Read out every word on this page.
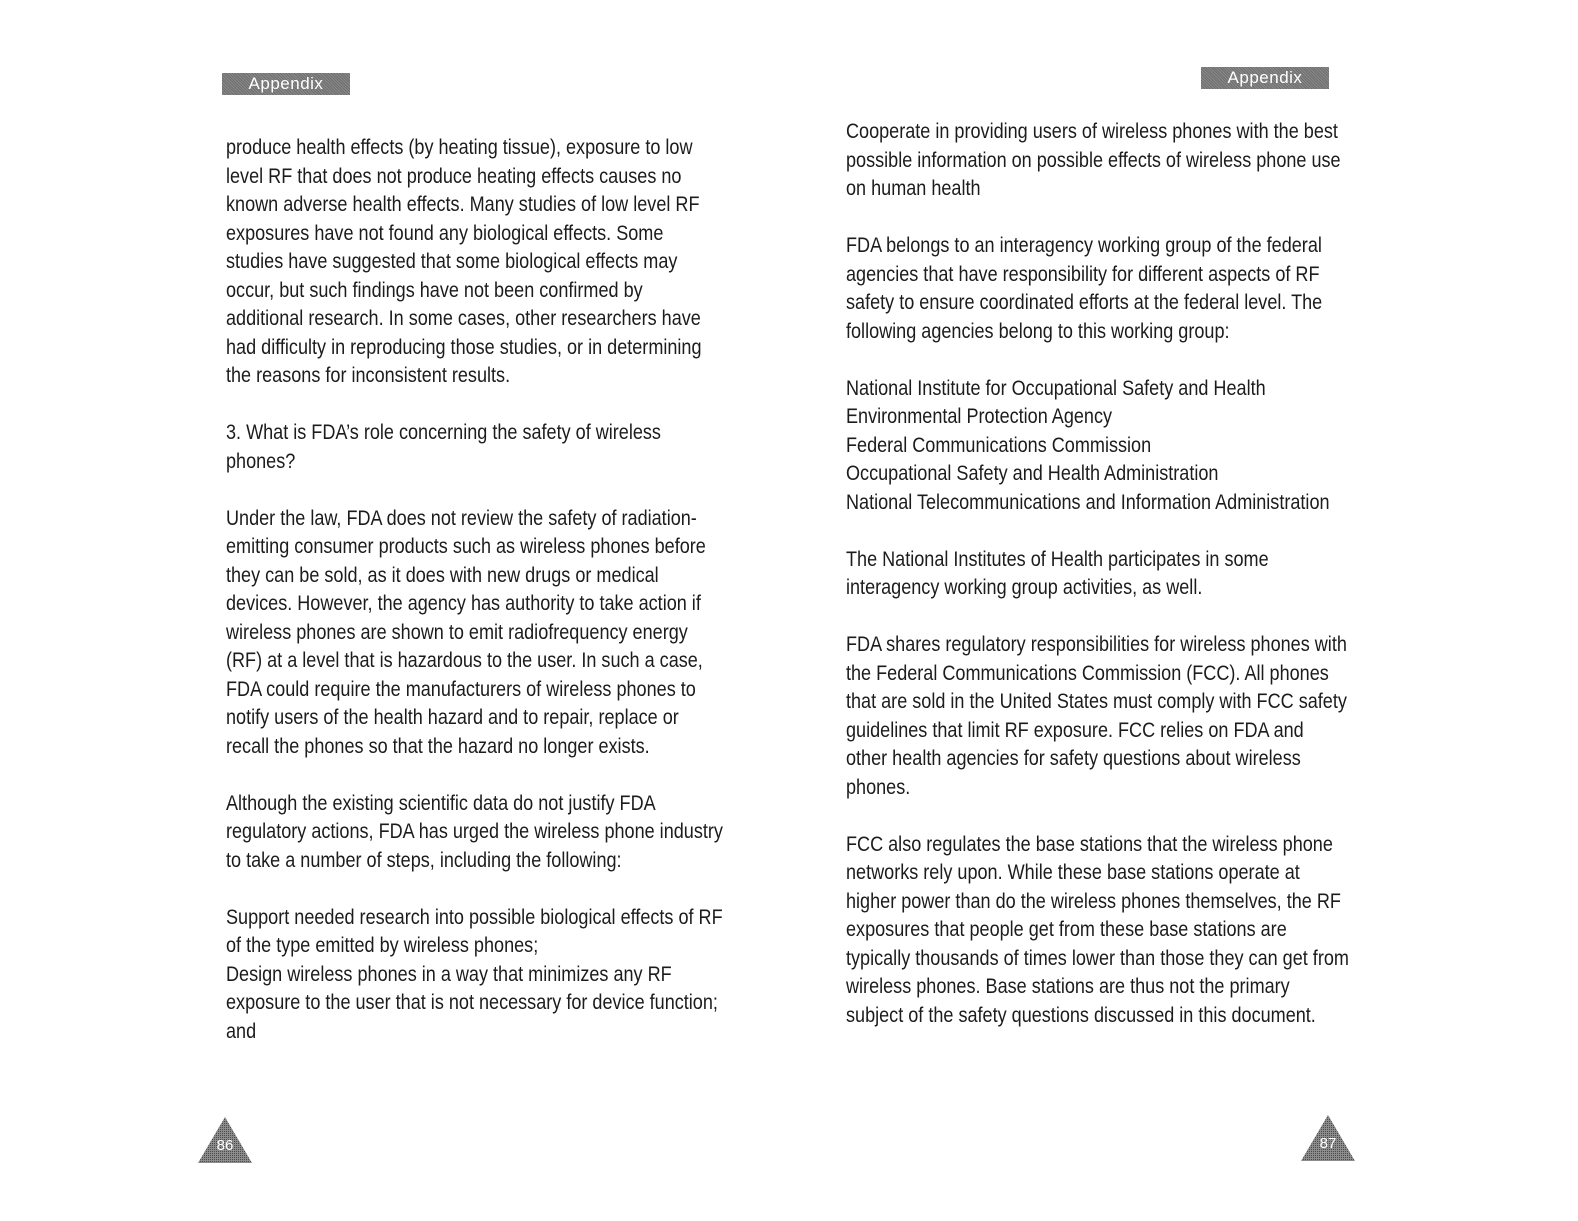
Appendix

produce health effects (by heating tissue), exposure to low level RF that does not produce heating effects causes no known adverse health effects. Many studies of low level RF exposures have not found any biological effects. Some studies have suggested that some biological effects may occur, but such findings have not been confirmed by additional research. In some cases, other researchers have had difficulty in reproducing those studies, or in determining the reasons for inconsistent results.

3. What is FDA’s role concerning the safety of wireless phones?

Under the law, FDA does not review the safety of radiation-emitting consumer products such as wireless phones before they can be sold, as it does with new drugs or medical devices. However, the agency has authority to take action if wireless phones are shown to emit radiofrequency energy (RF) at a level that is hazardous to the user. In such a case, FDA could require the manufacturers of wireless phones to notify users of the health hazard and to repair, replace or recall the phones so that the hazard no longer exists.

Although the existing scientific data do not justify FDA regulatory actions, FDA has urged the wireless phone industry to take a number of steps, including the following:

Support needed research into possible biological effects of RF of the type emitted by wireless phones;

Design wireless phones in a way that minimizes any RF exposure to the user that is not necessary for device function; and

86
Appendix

Cooperate in providing users of wireless phones with the best possible information on possible effects of wireless phone use on human health

FDA belongs to an interagency working group of the federal agencies that have responsibility for different aspects of RF safety to ensure coordinated efforts at the federal level. The following agencies belong to this working group:

National Institute for Occupational Safety and Health
Environmental Protection Agency
Federal Communications Commission
Occupational Safety and Health Administration
National Telecommunications and Information Administration

The National Institutes of Health participates in some interagency working group activities, as well.

FDA shares regulatory responsibilities for wireless phones with the Federal Communications Commission (FCC). All phones that are sold in the United States must comply with FCC safety guidelines that limit RF exposure. FCC relies on FDA and other health agencies for safety questions about wireless phones.

FCC also regulates the base stations that the wireless phone networks rely upon. While these base stations operate at higher power than do the wireless phones themselves, the RF exposures that people get from these base stations are typically thousands of times lower than those they can get from wireless phones. Base stations are thus not the primary subject of the safety questions discussed in this document.

87
